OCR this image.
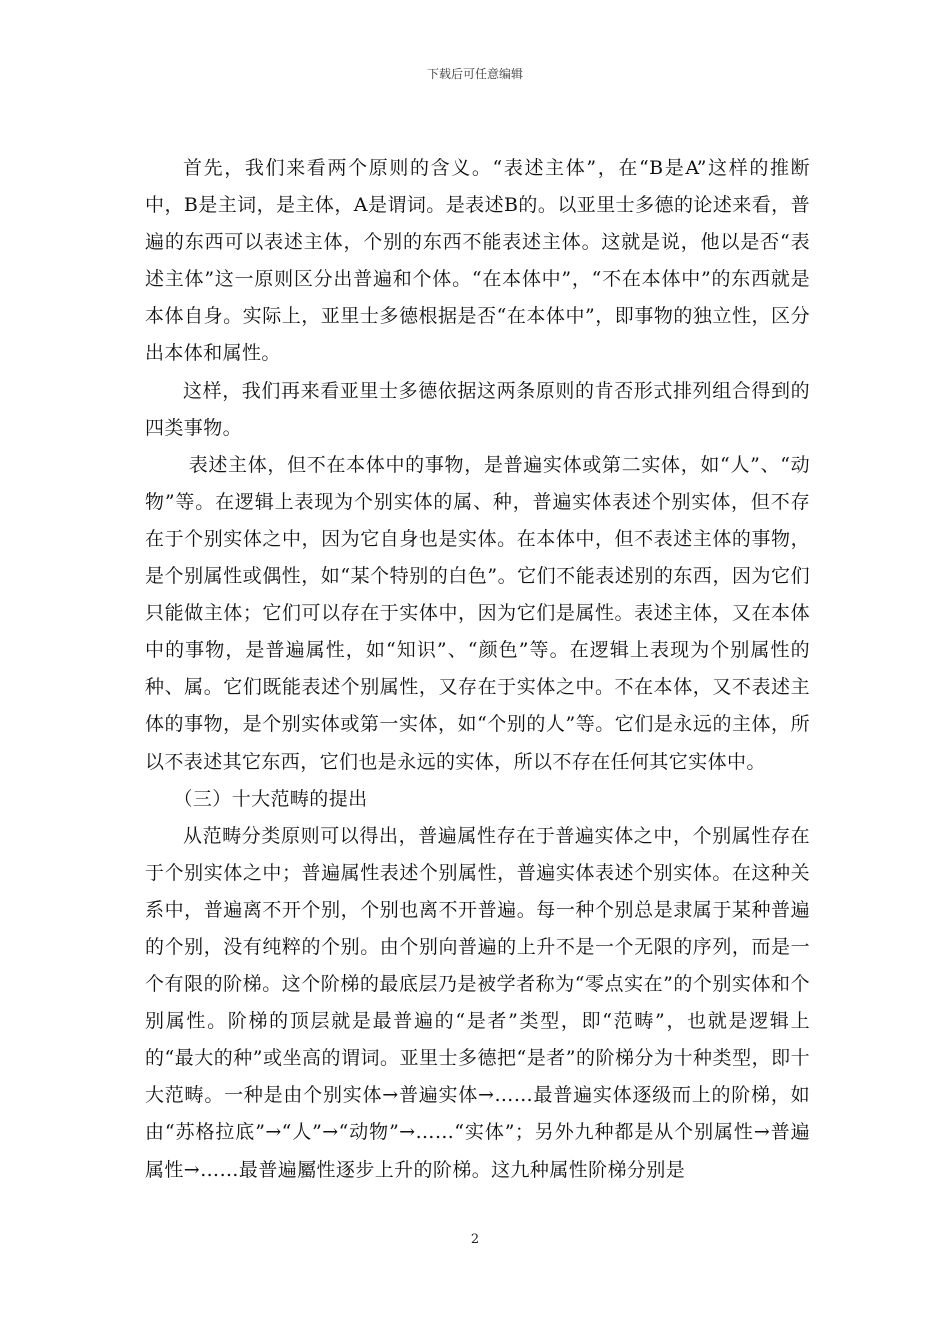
下载后可任意编辑

首先，我们来看两个原则的含义。“表述主体”，在“B是A”这样的推断中，B是主词，是主体，A是谓词。是表述B的。以亚里士多德的论述来看，普遍的东西可以表述主体，个别的东西不能表述主体。这就是说，他以是否“表述主体”这一原则区分出普遍和个体。“在本体中”，“不在本体中”的东西就是本体自身。实际上，亚里士多德根据是否“在本体中”，即事物的独立性，区分出本体和属性。

这样，我们再来看亚里士多德依据这两条原则的肯否形式排列组合得到的四类事物。

表述主体，但不在本体中的事物，是普遍实体或第二实体，如“人”、“动物”等。在逻辑上表现为个别实体的属、种，普遍实体表述个别实体，但不存在于个别实体之中，因为它自身也是实体。在本体中，但不表述主体的事物，是个别属性或偶性，如“某个特别的白色”。它们不能表述别的东西，因为它们只能做主体；它们可以存在于实体中，因为它们是属性。表述主体，又在本体中的事物，是普遍属性，如“知识”、“颜色”等。在逻辑上表现为个别属性的种、属。它们既能表述个别属性，又存在于实体之中。不在本体，又不表述主体的事物，是个别实体或第一实体，如“个别的人”等。它们是永远的主体，所以不表述其它东西，它们也是永远的实体，所以不存在任何其它实体中。

（三）十大范畴的提出

从范畴分类原则可以得出，普遍属性存在于普遍实体之中，个别属性存在于个别实体之中；普遍属性表述个别属性，普遍实体表述个别实体。在这种关系中，普遍离不开个别，个别也离不开普遍。每一种个别总是隶属于某种普遍的个别，没有纯粹的个别。由个别向普遍的上升不是一个无限的序列，而是一个有限的阶梯。这个阶梯的最底层乃是被学者称为“零点实在”的个别实体和个别属性。阶梯的顶层就是最普遍的“是者”类型，即“范畴”，也就是逻辑上的“最大的种”或坐高的谓词。亚里士多德把“是者”的阶梯分为十种类型，即十大范畴。一种是由个别实体→普遍实体→……最普遍实体逐级而上的阶梯，如由“苏格拉底”→“人”→“动物”→……“实体”；另外九种都是从个别属性→普遍属性→……最普遍屬性逐步上升的阶梯。这九种属性阶梯分别是

2
